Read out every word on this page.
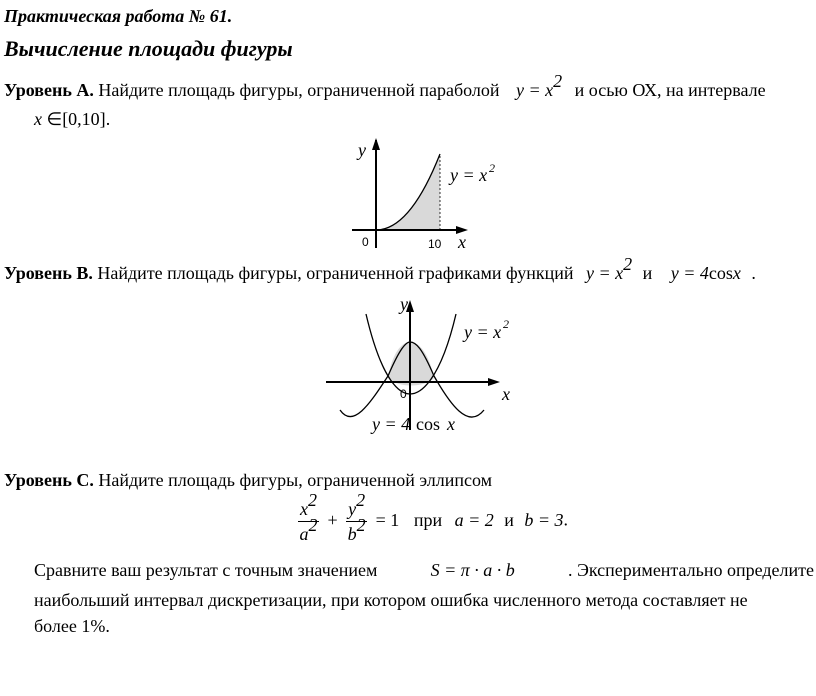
Практическая работа № 61.
Вычисление площади фигуры
Уровень А. Найдите площадь фигуры, ограниченной параболой $y = x^2$ и осью ОХ, на интервале
x ∈[0,10].
y
x
0	10
y = x 2
Уровень B. Найдите площадь фигуры, ограниченной графиками функций $y = x^2$ и y = 4cosx .
y
x
0
y = x 2
y = 4 cos x
Уровень С. Найдите площадь фигуры, ограниченной эллипсом
$\frac{x^2}{a^2} + \frac{y^2}{b^2} = 1$ при a = 2 и b = 3.
Сравните ваш результат с точным значением	S = π · a · b	. Экспериментально определите
наибольший интервал дискретизации, при котором ошибка численного метода составляет не
более 1%.
